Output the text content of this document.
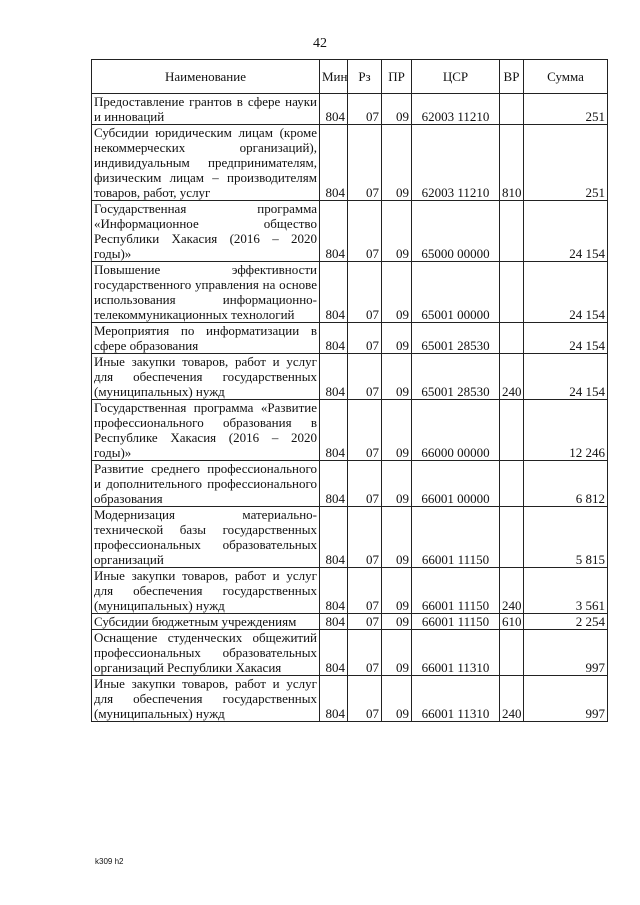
42
Наименование	Мин	Рз	ПР	ЦСР	ВР	Сумма
Предоставление грантов в сфере науки и инноваций	804	07	09	62003 11210		251
Субсидии юридическим лицам (кроме некоммерческих организаций), индивидуальным предпринимателям, физическим лицам – производителям товаров, работ, услуг	804	07	09	62003 11210	810	251
Государственная программа «Информационное общество Республики Хакасия (2016 – 2020 годы)»	804	07	09	65000 00000		24 154
Повышение эффективности государственного управления на основе использования информационно-телекоммуникационных технологий	804	07	09	65001 00000		24 154
Мероприятия по информатизации в сфере образования	804	07	09	65001 28530		24 154
Иные закупки товаров, работ и услуг для обеспечения государственных (муниципальных) нужд	804	07	09	65001 28530	240	24 154
Государственная программа «Развитие профессионального образования в Республике Хакасия (2016 – 2020 годы)»	804	07	09	66000 00000		12 246
Развитие среднего профессионального и дополнительного профессионального образования	804	07	09	66001 00000		6 812
Модернизация материально-технической базы государственных профессиональных образовательных организаций	804	07	09	66001 11150		5 815
Иные закупки товаров, работ и услуг для обеспечения государственных (муниципальных) нужд	804	07	09	66001 11150	240	3 561
Субсидии бюджетным учреждениям	804	07	09	66001 11150	610	2 254
Оснащение студенческих общежитий профессиональных образовательных организаций Республики Хакасия	804	07	09	66001 11310		997
Иные закупки товаров, работ и услуг для обеспечения государственных (муниципальных) нужд	804	07	09	66001 11310	240	997
k309 h2
